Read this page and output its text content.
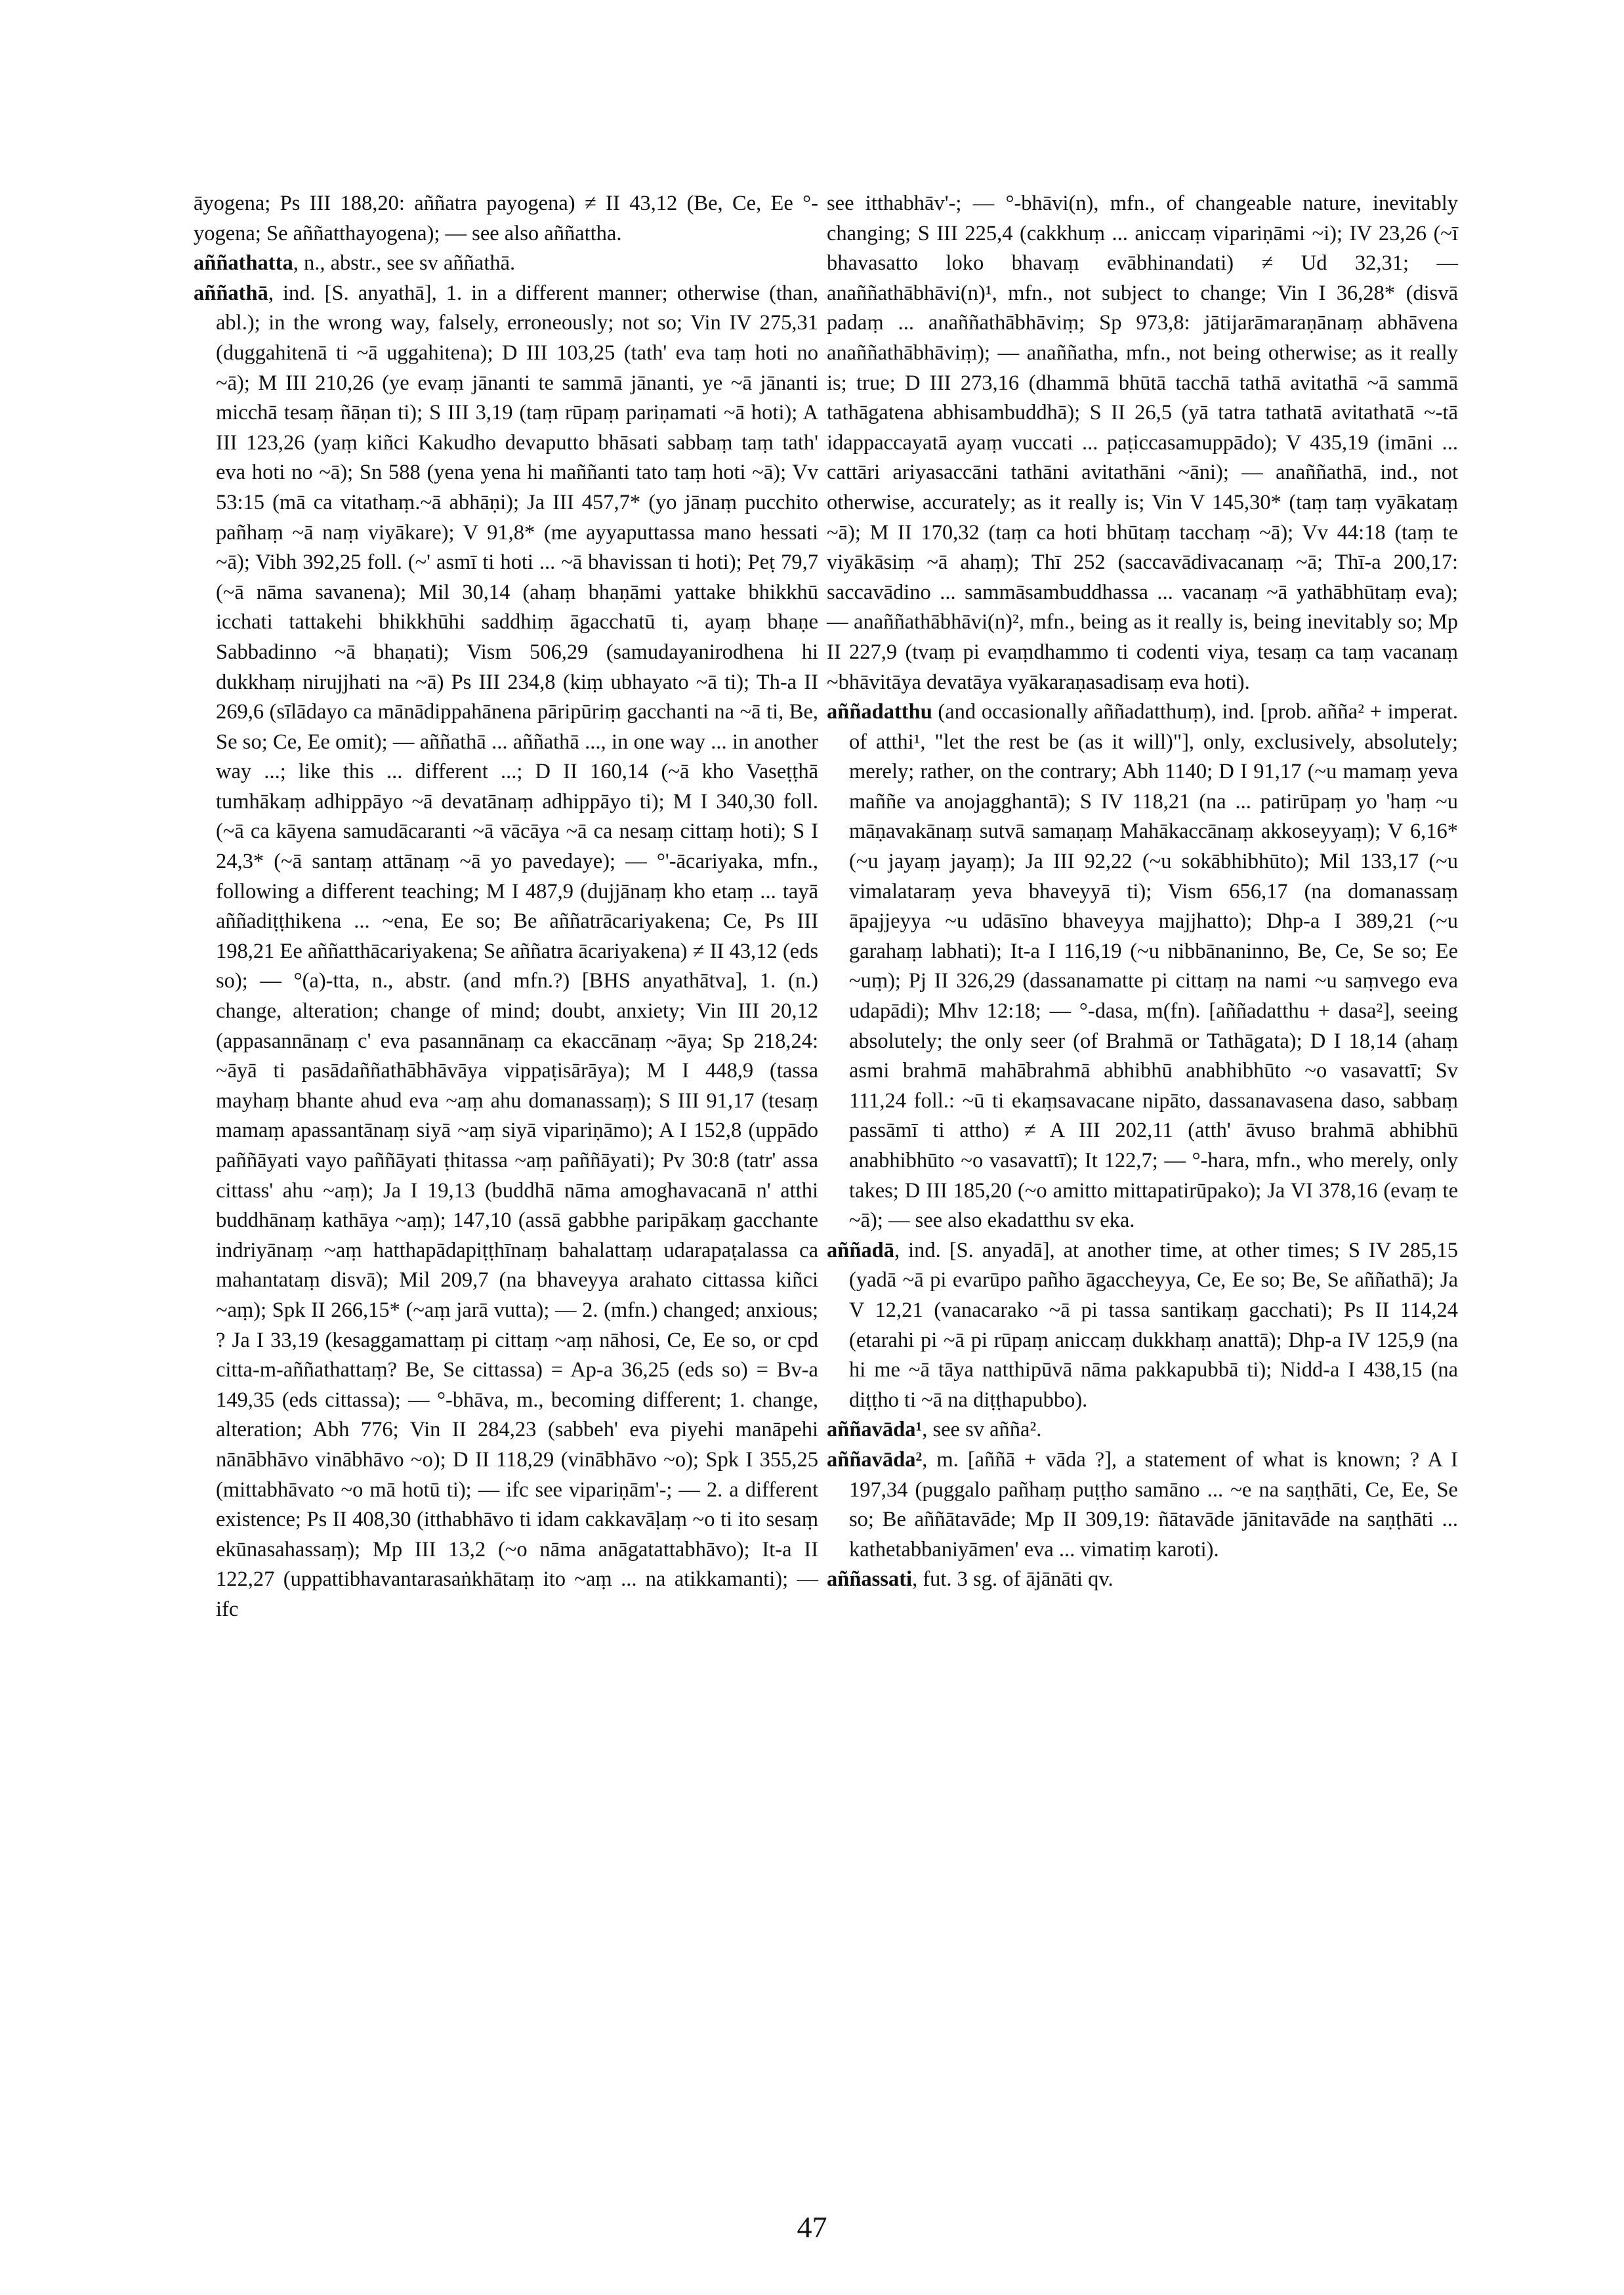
āyogena; Ps III 188,20: aññatra payogena) ≠ II 43,12 (Be, Ce, Ee °-yogena; Se aññatthayogena); — see also aññattha.

aññathatta, n., abstr., see sv aññathā.

aññathā, ind. [S. anyathā], 1. in a different manner; otherwise (than, abl.); in the wrong way, falsely, erroneously; not so; Vin IV 275,31 (duggahitenā ti ~ā uggahitena); D III 103,25 (tath' eva taṃ hoti no ~ā); M III 210,26 (ye evaṃ jānanti te sammā jānanti, ye ~ā jānanti micchā tesaṃ ñāṇan ti); S III 3,19 (taṃ rūpaṃ pariṇamati ~ā hoti); A III 123,26 (yaṃ kiñci Kakudho devaputto bhāsati sabbaṃ taṃ tath' eva hoti no ~ā); Sn 588 (yena yena hi maññanti tato taṃ hoti ~ā); Vv 53:15 (mā ca vitathaṃ.~ā abhāṇi); Ja III 457,7* (yo jānaṃ pucchito pañhaṃ ~ā naṃ viyākare); V 91,8* (me ayyaputtassa mano hessati ~ā); Vibh 392,25 foll. (~' asmī ti hoti ... ~ā bhavissan ti hoti); Peṭ 79,7 (~ā nāma savanena); Mil 30,14 (ahaṃ bhaṇāmi yattake bhikkhū icchati tattakehi bhikkhūhi saddhiṃ āgacchatū ti, ayaṃ bhaṇe Sabbadinno ~ā bhaṇati); Vism 506,29 (samudayanirodhena hi dukkhaṃ nirujjhati na ~ā) Ps III 234,8 (kiṃ ubhayato ~ā ti); Th-a II 269,6 (sīlādayo ca mānādippahānena pāripūriṃ gacchanti na ~ā ti, Be, Se so; Ce, Ee omit); — aññathā ... aññathā ..., in one way ... in another way ...; like this ... different ...; D II 160,14 (~ā kho Vaseṭṭhā tumhākaṃ adhippāyo ~ā devatānaṃ adhippāyo ti); M I 340,30 foll. (~ā ca kāyena samudācaranti ~ā vācāya ~ā ca nesaṃ cittaṃ hoti); S I 24,3* (~ā santaṃ attānaṃ ~ā yo pavedaye); — °'-ācariyaka, mfn., following a different teaching; M I 487,9 (dujjānaṃ kho etaṃ ... tayā aññadiṭṭhikena ... ~ena, Ee so; Be aññatrācariyakena; Ce, Ps III 198,21 Ee aññatthācariyakena; Se aññatra ācariyakena) ≠ II 43,12 (eds so); — °(a)-tta, n., abstr. (and mfn.?) [BHS anyathātva], 1. (n.) change, alteration; change of mind; doubt, anxiety; Vin III 20,12 (appasannānaṃ c' eva pasannānaṃ ca ekaccānaṃ ~āya; Sp 218,24: ~āyā ti pasādaññathābhāvāya vippaṭisārāya); M I 448,9 (tassa mayhaṃ bhante ahud eva ~aṃ ahu domanassaṃ); S III 91,17 (tesaṃ mamaṃ apassantānaṃ siyā ~aṃ siyā vipariṇāmo); A I 152,8 (uppādo paññāyati vayo paññāyati ṭhitassa ~aṃ paññāyati); Pv 30:8 (tatr' assa cittass' ahu ~aṃ); Ja I 19,13 (buddhā nāma amoghavacanā n' atthi buddhānaṃ kathāya ~aṃ); 147,10 (assā gabbhe paripākaṃ gacchante indriyānaṃ ~aṃ hatthapādapiṭṭhīnaṃ bahalattaṃ udarapaṭalassa ca mahantataṃ disvā); Mil 209,7 (na bhaveyya arahato cittassa kiñci ~aṃ); Spk II 266,15* (~aṃ jarā vutta); — 2. (mfn.) changed; anxious; ? Ja I 33,19 (kesaggamattaṃ pi cittaṃ ~aṃ nāhosi, Ce, Ee so, or cpd citta-m-aññathattaṃ? Be, Se cittassa) = Ap-a 36,25 (eds so) = Bv-a 149,35 (eds cittassa); — °-bhāva, m., becoming different; 1. change, alteration; Abh 776; Vin II 284,23 (sabbeh' eva piyehi manāpehi nānābhāvo vinābhāvo ~o); D II 118,29 (vinābhāvo ~o); Spk I 355,25 (mittabhāvato ~o mā hotū ti); — ifc see vipariṇām'-; — 2. a different existence; Ps II 408,30 (itthabhāvo ti idam cakkavāḷaṃ ~o ti ito sesaṃ ekūnasahassaṃ); Mp III 13,2 (~o nāma anāgatattabhāvo); It-a II 122,27 (uppattibhavantarasaṅkhātaṃ ito ~aṃ ... na atikkamanti); — ifc

see itthabhāv'-; — °-bhāvi(n), mfn., of changeable nature, inevitably changing; S III 225,4 (cakkhuṃ ... aniccaṃ vipariṇāmi ~i); IV 23,26 (~ī bhavasatto loko bhavaṃ evābhinandati) ≠ Ud 32,31; — anaññathābhāvi(n)¹, mfn., not subject to change; Vin I 36,28* (disvā padaṃ ... anaññathābhāviṃ; Sp 973,8: jātijarāmaraṇānaṃ abhāvena anaññathābhāviṃ); — anaññatha, mfn., not being otherwise; as it really is; true; D III 273,16 (dhammā bhūtā tacchā tathā avitathā ~ā sammā tathāgatena abhisambuddhā); S II 26,5 (yā tatra tathatā avitathatā ~-tā idappaccayatā ayaṃ vuccati ... paṭiccasamuppādo); V 435,19 (imāni ... cattāri ariyasaccāni tathāni avitathāni ~āni); — anaññathā, ind., not otherwise, accurately; as it really is; Vin V 145,30* (taṃ taṃ vyākataṃ ~ā); M II 170,32 (taṃ ca hoti bhūtaṃ tacchaṃ ~ā); Vv 44:18 (taṃ te viyākāsiṃ ~ā ahaṃ); Thī 252 (saccavādivacanaṃ ~ā; Thī-a 200,17: saccavādino ... sammāsambuddhassa ... vacanaṃ ~ā yathābhūtaṃ eva); — anaññathābhāvi(n)², mfn., being as it really is, being inevitably so; Mp II 227,9 (tvaṃ pi evaṃdhammo ti codenti viya, tesaṃ ca taṃ vacanaṃ ~bhāvitāya devatāya vyākaraṇasadisaṃ eva hoti).

aññadatthu (and occasionally aññadatthuṃ), ind. [prob. añña² + imperat. of atthi¹, "let the rest be (as it will)"], only, exclusively, absolutely; merely; rather, on the contrary; Abh 1140; D I 91,17 (~u mamaṃ yeva maññe va anojagghantā); S IV 118,21 (na ... patirūpaṃ yo 'haṃ ~u māṇavakānaṃ sutvā samaṇaṃ Mahākaccānaṃ akkoseyyaṃ); V 6,16* (~u jayaṃ jayaṃ); Ja III 92,22 (~u sokābhibhūto); Mil 133,17 (~u vimalataraṃ yeva bhaveyyā ti); Vism 656,17 (na domanassaṃ āpajjeyya ~u udāsīno bhaveyya majjhatto); Dhp-a I 389,21 (~u garahaṃ labhati); It-a I 116,19 (~u nibbānaninno, Be, Ce, Se so; Ee ~uṃ); Pj II 326,29 (dassanamatte pi cittaṃ na nami ~u saṃvego eva udapādi); Mhv 12:18; — °-dasa, m(fn). [aññadatthu + dasa²], seeing absolutely; the only seer (of Brahmā or Tathāgata); D I 18,14 (ahaṃ asmi brahmā mahābrahmā abhibhū anabhibhūto ~o vasavattī; Sv 111,24 foll.: ~ū ti ekaṃsavacane nipāto, dassanavasena daso, sabbaṃ passāmī ti attho) ≠ A III 202,11 (atth' āvuso brahmā abhibhū anabhibhūto ~o vasavattī); It 122,7; — °-hara, mfn., who merely, only takes; D III 185,20 (~o amitto mittapatirūpako); Ja VI 378,16 (evaṃ te ~ā); — see also ekadatthu sv eka.

aññadā, ind. [S. anyadā], at another time, at other times; S IV 285,15 (yadā ~ā pi evarūpo pañho āgaccheyya, Ce, Ee so; Be, Se aññathā); Ja V 12,21 (vanacarako ~ā pi tassa santikaṃ gacchati); Ps II 114,24 (etarahi pi ~ā pi rūpaṃ aniccaṃ dukkhaṃ anattā); Dhp-a IV 125,9 (na hi me ~ā tāya natthipūvā nāma pakkapubbā ti); Nidd-a I 438,15 (na diṭṭho ti ~ā na diṭṭhapubbo).

aññavāda¹, see sv añña².

aññavāda², m. [aññā + vāda ?], a statement of what is known; ? A I 197,34 (puggalo pañhaṃ puṭṭho samāno ... ~e na saṇṭhāti, Ce, Ee, Se so; Be aññātavāde; Mp II 309,19: ñātavāde jānitavāde na saṇṭhāti ... kathetabbaniyāmen' eva ... vimatiṃ karoti).

aññassati, fut. 3 sg. of ājānāti qv.

47
